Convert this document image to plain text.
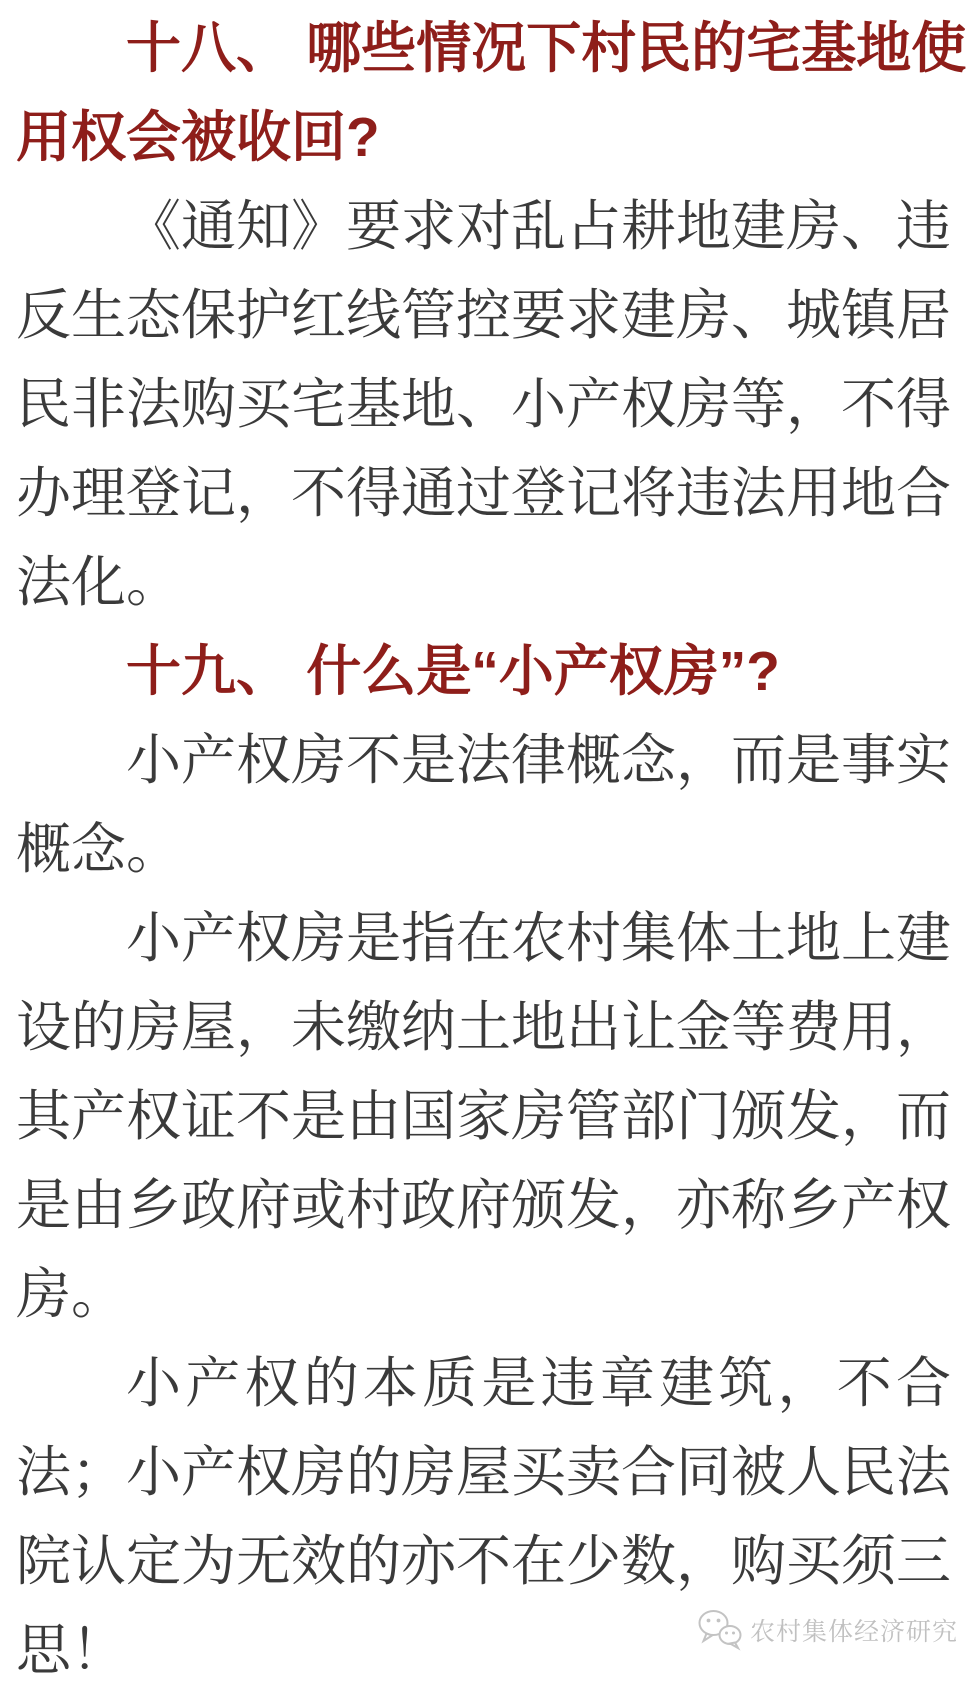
十八、 哪些情况下村民的宅基地使
用权会被收回?
《通知》要求对乱占耕地建房、违
反生态保护红线管控要求建房、城镇居
民非法购买宅基地、小产权房等，不得
办理登记，不得通过登记将违法用地合
法化。
十九、 什么是“小产权房”?
小产权房不是法律概念，而是事实
概念。
小产权房是指在农村集体土地上建
设的房屋，未缴纳土地出让金等费用，
其产权证不是由国家房管部门颁发，而
是由乡政府或村政府颁发，亦称乡产权
房。
小产权的本质是违章建筑，不合
法；小产权房的房屋买卖合同被人民法
院认定为无效的亦不在少数，购买须三
思！	农村集体经济研究
